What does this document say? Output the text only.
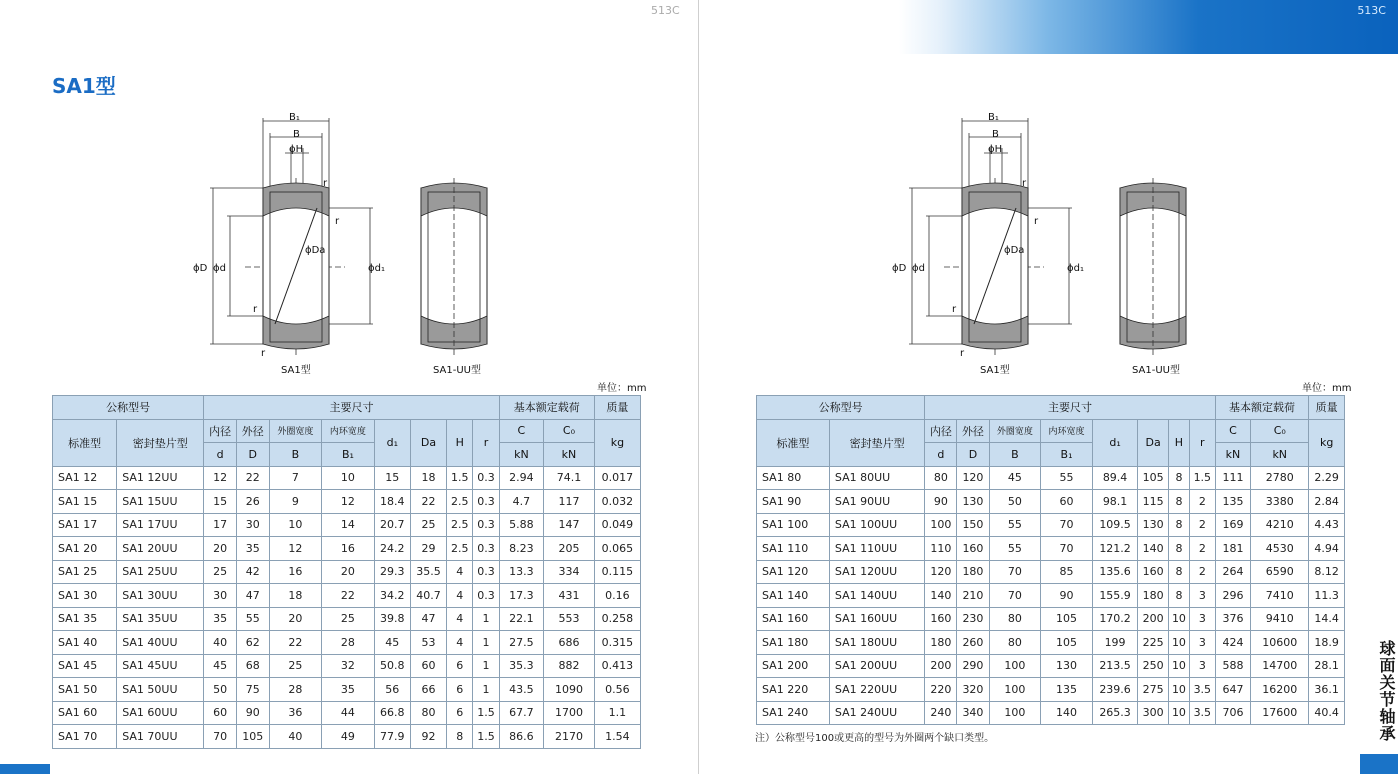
513C
SA1型
B₁
B
ϕH
ϕDa
ϕD ϕd	ϕd₁
r
r
r
r
SA1型	SA1-UU型
单位：mm
公称型号		主要尺寸								基本额定载荷		质量
标准型	密封垫片型	内径	外径	外圈宽度	内环宽度	d₁	Da	H	r	C	C₀	kg
		d	D	B	B₁					kN	kN	
SA1 12	SA1 12UU	12	22	7	10	15	18	1.5	0.3	2.94	74.1	0.017
SA1 15	SA1 15UU	15	26	9	12	18.4	22	2.5	0.3	4.7	117	0.032
SA1 17	SA1 17UU	17	30	10	14	20.7	25	2.5	0.3	5.88	147	0.049
SA1 20	SA1 20UU	20	35	12	16	24.2	29	2.5	0.3	8.23	205	0.065
SA1 25	SA1 25UU	25	42	16	20	29.3	35.5	4	0.3	13.3	334	0.115
SA1 30	SA1 30UU	30	47	18	22	34.2	40.7	4	0.3	17.3	431	0.16
SA1 35	SA1 35UU	35	55	20	25	39.8	47	4	1	22.1	553	0.258
SA1 40	SA1 40UU	40	62	22	28	45	53	4	1	27.5	686	0.315
SA1 45	SA1 45UU	45	68	25	32	50.8	60	6	1	35.3	882	0.413
SA1 50	SA1 50UU	50	75	28	35	56	66	6	1	43.5	1090	0.56
SA1 60	SA1 60UU	60	90	36	44	66.8	80	6	1.5	67.7	1700	1.1
SA1 70	SA1 70UU	70	105	40	49	77.9	92	8	1.5	86.6	2170	1.54
513C
B₁
B
ϕH
ϕDa
ϕD ϕd	ϕd₁
r
r
r
r
SA1型	SA1-UU型
单位：mm
公称型号		主要尺寸								基本额定载荷		质量
标准型	密封垫片型	内径	外径	外圈宽度	内环宽度	d₁	Da	H	r	C	C₀	kg
		d	D	B	B₁					kN	kN	
SA1 80	SA1 80UU	80	120	45	55	89.4	105	8	1.5	111	2780	2.29
SA1 90	SA1 90UU	90	130	50	60	98.1	115	8	2	135	3380	2.84
SA1 100	SA1 100UU	100	150	55	70	109.5	130	8	2	169	4210	4.43
SA1 110	SA1 110UU	110	160	55	70	121.2	140	8	2	181	4530	4.94
SA1 120	SA1 120UU	120	180	70	85	135.6	160	8	2	264	6590	8.12
SA1 140	SA1 140UU	140	210	70	90	155.9	180	8	3	296	7410	11.3
SA1 160	SA1 160UU	160	230	80	105	170.2	200	10	3	376	9410	14.4
SA1 180	SA1 180UU	180	260	80	105	199	225	10	3	424	10600	18.9
SA1 200	SA1 200UU	200	290	100	130	213.5	250	10	3	588	14700	28.1
SA1 220	SA1 220UU	220	320	100	135	239.6	275	10	3.5	647	16200	36.1
SA1 240	SA1 240UU	240	340	100	140	265.3	300	10	3.5	706	17600	40.4
注）公称型号100或更高的型号为外圈两个缺口类型。	球面关节轴承
